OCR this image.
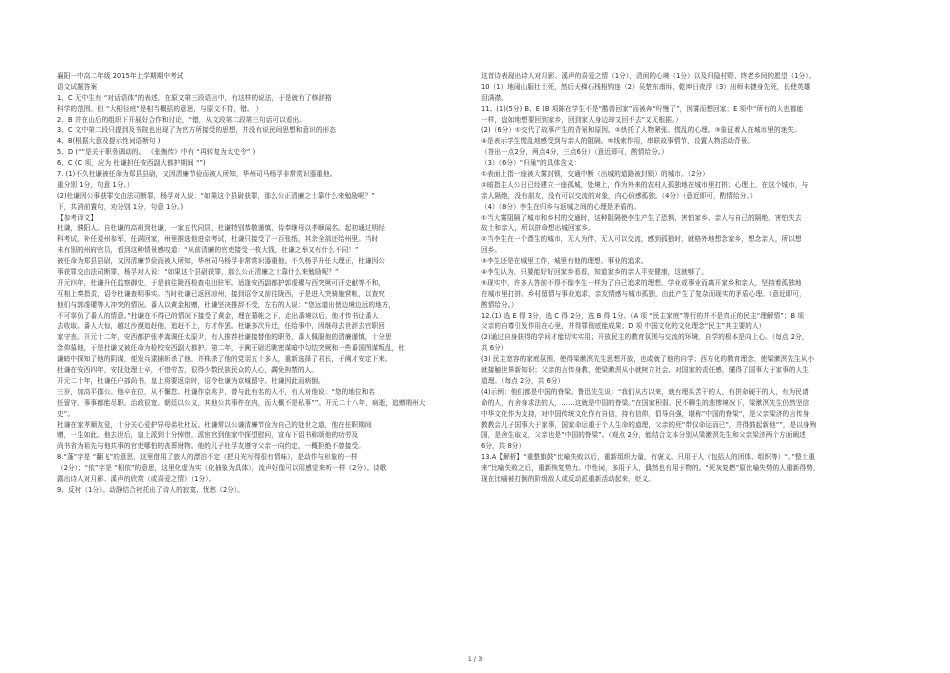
襄阳一中高二年级 2015年上学期期中考试
语文试题答案
1、C 无中生有 “对话语体”的表述，在原文第三段语言中，有这样的说法，于是就有了修辞格
科学的范围。但 “大相径庭”是相当概括的意思，与原文不符，错。 ）
2、B 并在山后的组织下开展好合作和讨论，“错，从文段第二段第三句话可以看出。
3、C 文中第二段只提到及书院也出现了为官方所接受的思想，并没有说民间思想和意识的形态
4、B(根据大意及提示性词语断句 )
5、D (“”是关于职务调动的。 《张衡传》中有 “再转复为太史令” )
6、C (C 项，应为 杜谦担任安西副大都护期间 “”)
7. (1)不久杜谦被任命为郑县县尉，又因清廉节俭而被人所知，华州司马杨孚非常赏识器重他。
重分别 1分，句意 1分。）
(2)杜谦因公事获罪交由法司断罪，杨孚对人说：“如果这个县尉获罪，那么公正清廉之士靠什么来勉励呢？”
下，共消前置句，劝分别 1分，句意 1分。)
【参考译文】
杜谦，濮阳人。自杜谦的高祖到杜谦，一家五代同居，杜谦特别恭敬谨慎，侍奉继母以孝顺闻名。起初通过明经
科考试，补任爰州参军，任满回家，州里推选他进京考试，杜谦只接受了一百张纸，其余全部还给州里。当时
未有别的州府官员，看到这种情景感叹道：“从前清廉的官吏接受一枚大钱，杜谦之举又有什么不同！”
被任命为郑县县尉，又因清廉节俭而被人所知，华州司马杨孚非常赏识器重他。不久杨孚升任大理正，杜谦因公
事获罪交由法司断罪，杨孚对人说：“如果这个县尉获罪，那么公正清廉之士靠什么来勉励呢？”
开元四年，杜谦升任监察御史，于是前往陇西检查屯田驻军。适逢安西副都护郭虔瓘与西突厥可汗史献等不和，
互相上奏指责，诏令杜谦查明事实。当时杜谦已返回凉州，接到诏令又前往陇西，于是进入突骑施营帐，以查究
他们与郭虔瓘等人冲突的情况。番人以黄金相赠，杜谦坚决推辞不受，左右的人说：“您远道出使边境边远的地方，
不可辜负了番人的情意。”杜谦在不得已的情况下接受了黄金，埋在幕帐之下，走出番境以后，他才传书让番人
去收取。番人大惊，越过沙漠追赶他，追赶不上，方才作罢。杜谦多次升迁，任给事中，因继母去世辞去官职回
家守丧。开元十二年，安西都护张孝嵩调任太原尹，有人推荐杜谦接替他的职务，番人佩服他的清廉谨慎，十分思
念仰慕他，于是杜谦又被任命为检校安西副大都护。第二年，于阗王尉迟眺密谋暗中勾结突厥和一些番国图谋叛乱，杜
谦暗中探知了他的阴谋，便发兵逮捕斩杀了他，并株杀了他的党羽五十多人，重新选择了君长，于阗才安定下来。
杜谦在安西四年，安抚处理士卒，不惜劳苦，很得少数民族民众的人心，蠲免拘禁的人。
开元二十年，杜谦任户部尚书，皇上将要返京时，诏令杜谦为京城留守。杜谦因此而病倒。
三岁，加高平郡公。他卒在位，从不懈怠。杜谦作京兆尹，曾与此有名的人不，有人对他说：“您的地位和名
任留守，事事都能尽职。治政很宽。朝廷以公义，其他公共事件在内，而大概不是私事””。开元二十八年，病逝，追赠荆州大
史”。
杜谦在家孝顺友爱，十分关心爱护异母弟杜杜玩。杜谦常以公谦清廉节俭为自己的处世之道，他在任职期间
赠，一生如此。他去世后，皇上派到十分悼惜，派宦官到他家中探望慰问，宣布下诏书称颂他的功劳及
尚书省为祖先与他共事的官吏哪怕的丧葬财物。他的儿子杜孚友遵守父亲一向约定，一概拒绝不曾接受。
8.“蓬”字是 “翻飞”的意思，这里借用了旅人的漂泊不定（把月光写得很有情味），是动作与形象的一样
（2分）；“依”字是 “相依”的意思，这里化虚为实（化抽象为具体），流声好像可以用感觉来听一样（2分）。诗歌
露出诗人对月影、溪声的欣赏（或喜爱之情）（1分）。
9、反衬（1分）。动静结合衬托出了诗人的寂寞、忧愁（2分）。
这首诗表现出诗人对月影、溪声的喜爱之情（1分），清闲的心境（1分）以及归隐村野、终老乡间的愿望（1分）。
10（1）地闹山服壮士死，然后天梯石栈相钩连（2）吴楚东南坼，乾坤日夜浮（3）出师未捷身先死，长使英雄
泪满襟。
11、(1)(5分) B、E (B 项陈在学生不是“酷兽回家”而被奔“咛慢了”，因雾而想回家；E 项中“所有的人也都能
一样，盘如地想要回到家乡，回到家人身边却又回不去“又无根据。）
(2)（6分）①交代了故事产生的背景和原因。②烘托了人物紧张、慌乱的心理。③象征着人在城市里的迷失。
④是表示学生慌乱地感受到与亲人的阻隔。⑤线索作用，串联故事情节，设置人物活动背景。
（答出一点2分，两点4分，三点6分）（意近即可，酌情给分。）
（3）（6分）“归巢”的具体含义：
①表面上指一座被大雾封锁，交通中断（出城的道路被封锁）的城市。（2分）
②暗指主人公日已经建立一座孤城，处境上，作为外来的农村人孤独地在城市里打拼；心理上，在这个城市，与
亲人隔绝，没有朋友，没有可以交流的对象，内心倍感孤独。（4分）（意近即可，酌情给分。）
（4）（8分）李生在归乡与返城之间的心理是矛盾的。
①当大雾阻隔了城市和乡村的交通时，这种阻隔使李生产生了恐惧，害怕家乡、亲人与自己的隔绝，害怕失去
故土和亲人，所以拼命想出城回家乡。
②当李生在一个漂生的城市，无人为伴，无人可以交流，感到孤独时，就格外地想念家乡，想念亲人，所以想
回乡。
③李生还是在城里工作，城里有他的理想、事业的追求。
④李生认为，只要能好好回家乡看看，知道家乡的亲人平安健康，这就够了。
⑤现实中，许多人答前不得不像李生一样为了自己追求的理想，学业或事业而离开家乡和亲人，坚持着孤独地
在城市里打拼。乡村留情与事业追求，亲友情感与城市孤独，由此产生了复杂而现实的矛盾心理。（意近即可，
酌情给分。）
12.(1) 选 E 得 3分，选 C 得 2分，选 B 得 1分。（A 项 “民主家庭”等行的并不是真正的民主“理解情”；B 项
父亲的自尊引发作用在心里，并得罪彻底能成果；D 项 中国文化的文化理念“民主”其主要的人）
(2)通过自身获得的学问才能切实实用；开放民主的教育氛围与交流的环境，自学的根本是向上心。（每点 2分，
共 6分）
(3) 民主宽容的家庭氛围，使得梁漱溟先生思想开放，也或就了他的自学；西方化的教育理念，使梁漱溟先生从小
就接触世界新知识；父亲的言传身教，使梁漱溟从小就树立社会、对国家的责任感，懂得了国事大于家事的人生
道理。（每点 2分，共 6分）
(4)示例：他们都是中国的脊梁。鲁迅先生说：“我们从古以来，就有埋头苦干的人，有拼命硬干的人，有为民请
命的人，有舍身求法的人，……这就是中国的脊梁。”在国家积弱、民不聊生的悲惨境况下，梁漱溟先生仍然坚信
中华文化作为支持，对中国传统文化作有自信，持有信仰，倡导自强，堪称“中国的脊梁”，是父亲梁济的言传身
教教会儿子国事大于家事，国家命运重于个人生命的道理，父亲的死“带仅命运而已”，并得鼓起新他“”，是以身殉
国，是舍生取义，父亲也是“中国的脊梁”。（观点 2分，能结合文本分别从梁漱溟先生和父亲梁济两个方面阐述
6分，共 8分）
13.A【解析】“重整旗鼓”比喻失败以后，重新组织力量，有褒义。只用于人（包括人的团体、组织等）“。”整士重
来”比喻失败之后，重新恢复势力。中性词，多用于人，偶然也有用于物的。“死灰复燃”原比喻失势的人重新得势，
现在比喻被打倒的阶级敌人或反动派重新活动起来，贬义。
1 / 3
